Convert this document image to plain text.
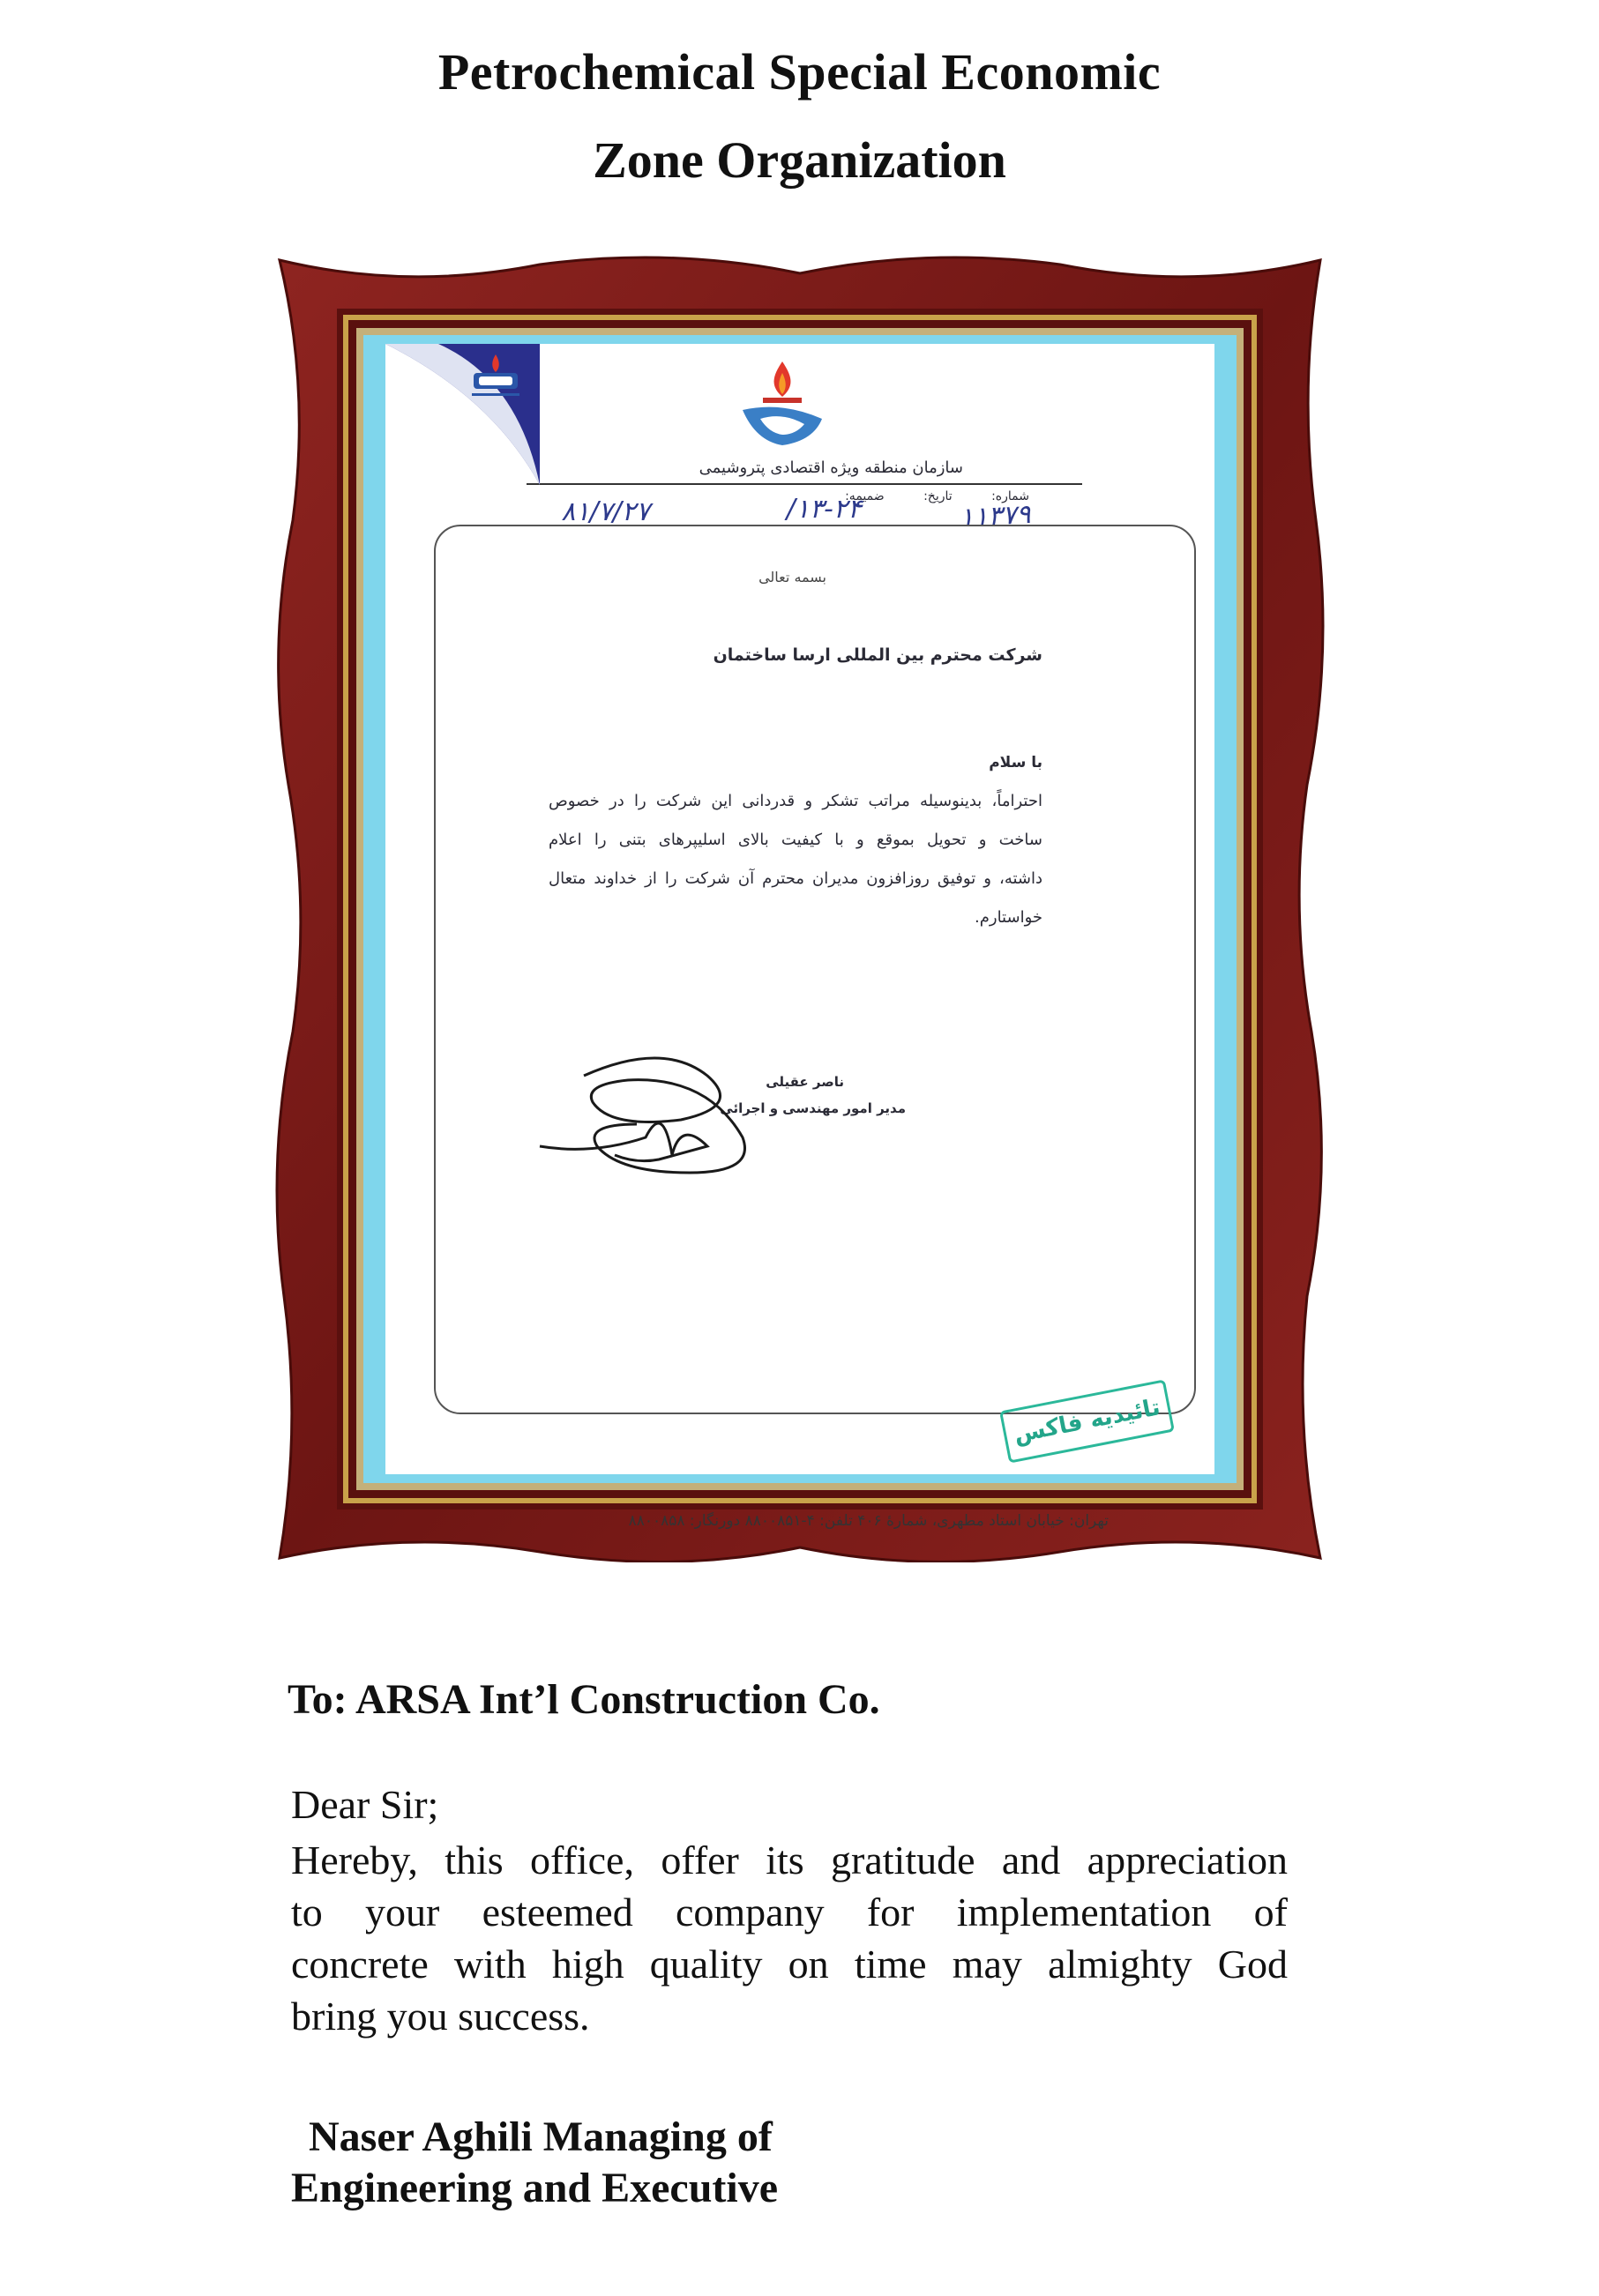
Petrochemical Special Economic
Zone Organization
سازمان منطقه ویژه اقتصادی پتروشیمی
شماره: تاریخ: ضمیمه:
۱۱۳۷۹
۱۳-۲۴/
۸۱/۷/۲۷
بسمه تعالی
شرکت محترم بین المللی ارسا ساختمان
با سلام
احتراماً، بدینوسیله مراتب تشکر و قدردانی این شرکت را در خصوص
ساخت و تحویل بموقع و با کیفیت بالای اسلیپرهای بتنی را اعلام
داشته، و توفیق روزافزون مدیران محترم آن شرکت را از خداوند متعال
خواستارم.
ناصر عقیلی
مدیر امور مهندسی و اجرائی
تائیدیه فاکس
تهران: خیابان استاد مطهری، شمارهٔ ۴۰۶ تلفن: ۴-۸۸۰۰۸۵۱ دورنگار: ۸۸۰۰۸۵۸
To: ARSA Int’l Construction Co.
Dear Sir;
Hereby, this office, offer its gratitude and appreciation
to your esteemed company for implementation of
concrete with high quality on time may almighty God
bring you success.
Naser Aghili Managing of
Engineering and Executive
